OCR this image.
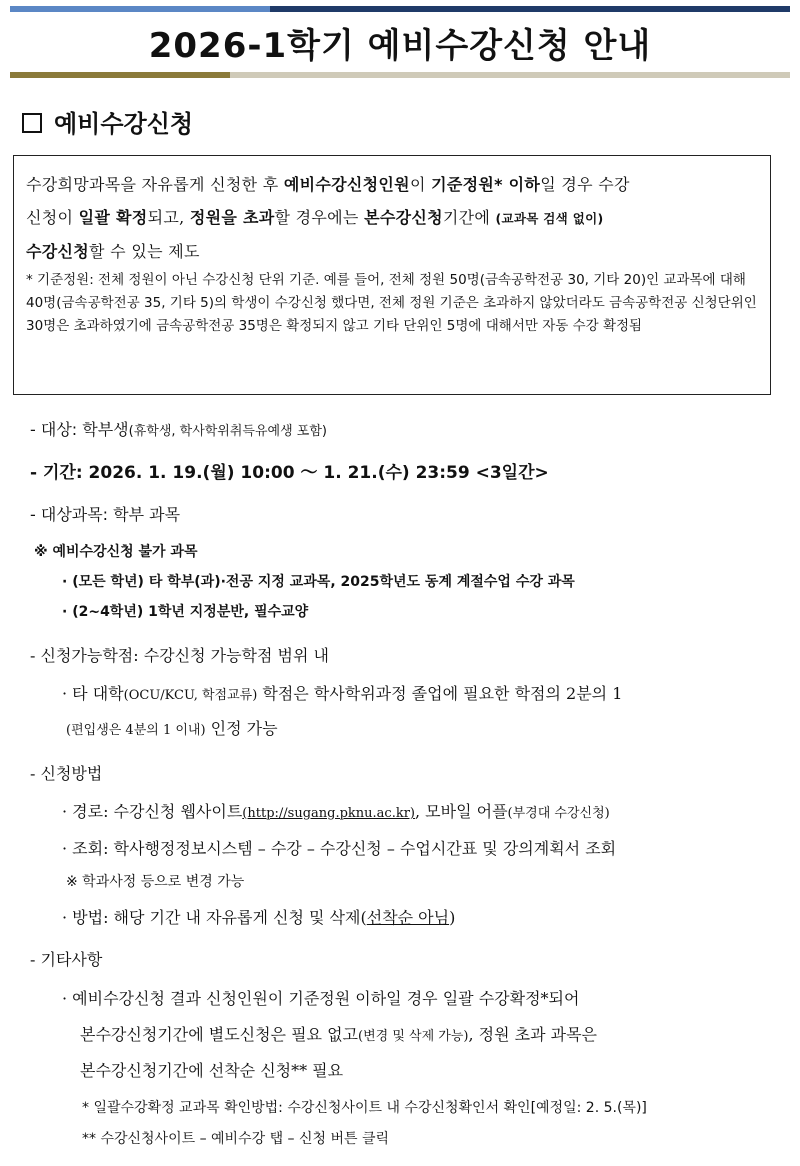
2026-1학기 예비수강신청 안내
예비수강신청
수강희망과목을 자유롭게 신청한 후 예비수강신청인원이 기준정원* 이하일 경우 수강
신청이 일괄 확정되고, 정원을 초과할 경우에는 본수강신청기간에 (교과목 검색 없이)
수강신청할 수 있는 제도
* 기준정원: 전체 정원이 아닌 수강신청 단위 기준. 예를 들어, 전체 정원 50명(금속공학전공 30, 기타 20)인 교과목에 대해 40명(금속공학전공 35, 기타 5)의 학생이 수강신청 했다면, 전체 정원 기준은 초과하지 않았더라도 금속공학전공 신청단위인 30명은 초과하였기에 금속공학전공 35명은 확정되지 않고 기타 단위인 5명에 대해서만 자동 수강 확정됨
- 대상: 학부생(휴학생, 학사학위취득유예생 포함)
- 기간: 2026. 1. 19.(월) 10:00 ～ 1. 21.(수) 23:59 <3일간>
- 대상과목: 학부 과목
※ 예비수강신청 불가 과목
· (모든 학년) 타 학부(과)·전공 지정 교과목, 2025학년도 동계 계절수업 수강 과목
· (2~4학년) 1학년 지정분반, 필수교양
- 신청가능학점: 수강신청 가능학점 범위 내
· 타 대학(OCU/KCU, 학점교류) 학점은 학사학위과정 졸업에 필요한 학점의 2분의 1
(편입생은 4분의 1 이내) 인정 가능
- 신청방법
· 경로: 수강신청 웹사이트(http://sugang.pknu.ac.kr), 모바일 어플(부경대 수강신청)
· 조회: 학사행정정보시스템 – 수강 – 수강신청 – 수업시간표 및 강의계획서 조회
※ 학과사정 등으로 변경 가능
· 방법: 해당 기간 내 자유롭게 신청 및 삭제(선착순 아님)
- 기타사항
· 예비수강신청 결과 신청인원이 기준정원 이하일 경우 일괄 수강확정*되어
본수강신청기간에 별도신청은 필요 없고(변경 및 삭제 가능), 정원 초과 과목은
본수강신청기간에 선착순 신청** 필요
* 일괄수강확정 교과목 확인방법: 수강신청사이트 내 수강신청확인서 확인[예정일: 2. 5.(목)]
** 수강신청사이트 – 예비수강 탭 – 신청 버튼 클릭
